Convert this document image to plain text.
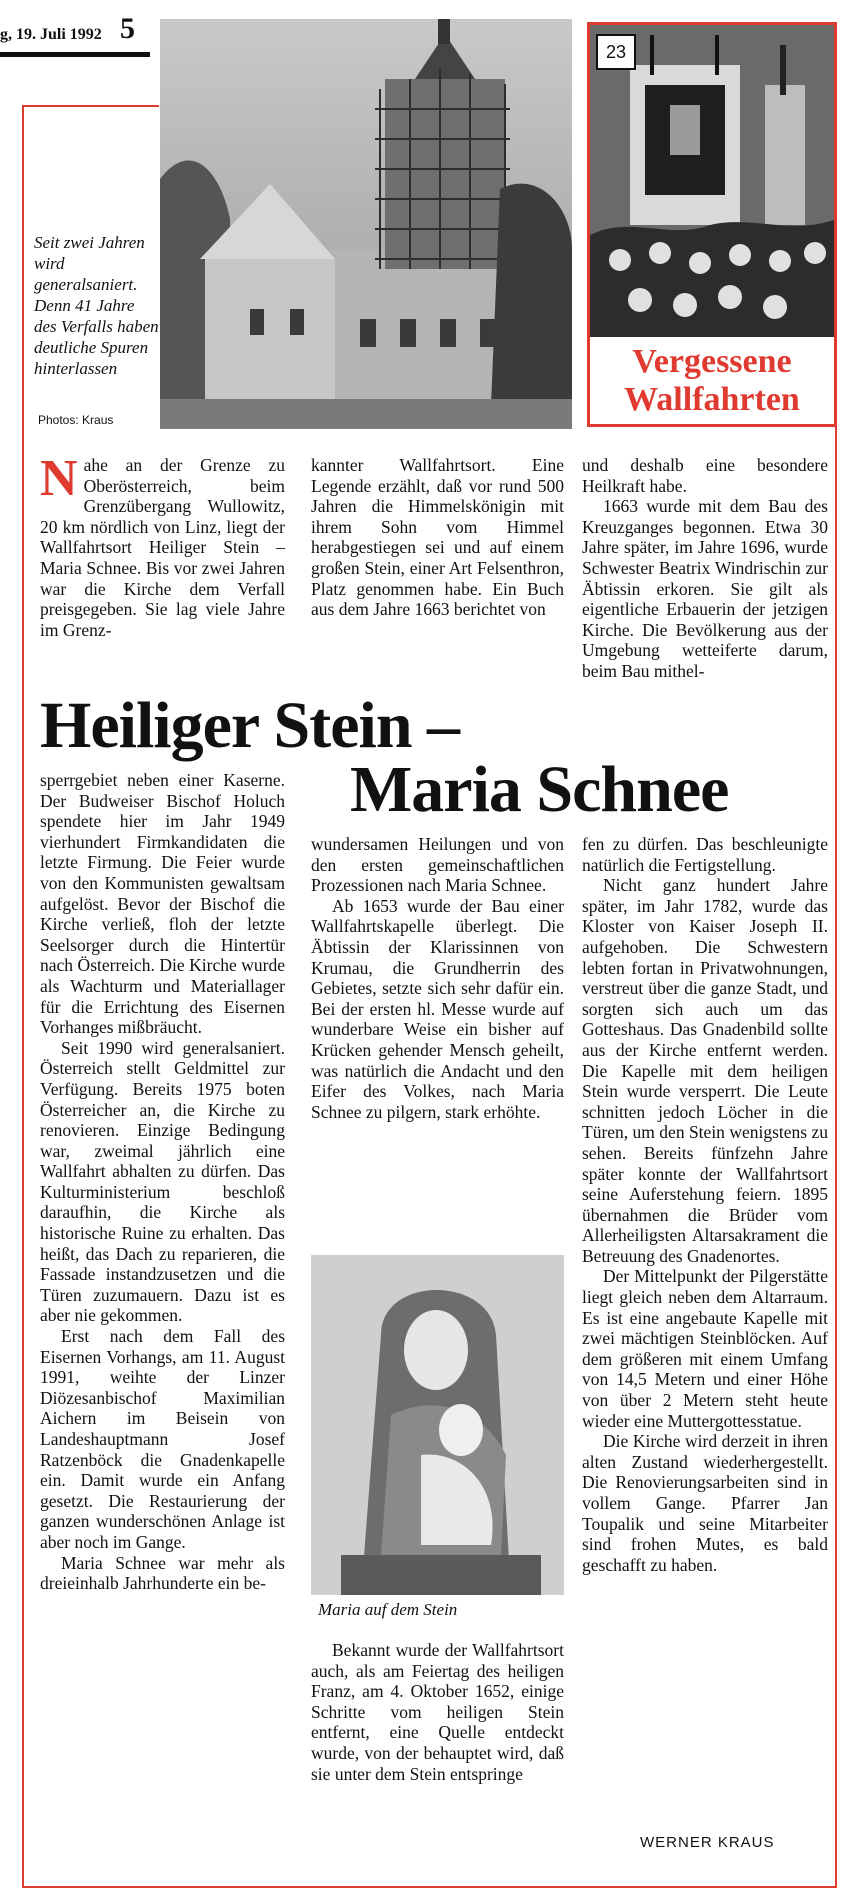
g, 19. Juli 1992 5
Seit zwei Jahren wird generalsaniert. Denn 41 Jahre des Verfalls haben deutliche Spuren hinterlassen
Photos: Kraus
23
Vergessene
Wallfahrten

Nahe an der Grenze zu Oberösterreich, beim Grenzübergang Wullowitz, 20 km nördlich von Linz, liegt der Wallfahrtsort Heiliger Stein – Maria Schnee. Bis vor zwei Jahren war die Kirche dem Verfall preisgegeben. Sie lag viele Jahre im Grenz-

kannter Wallfahrtsort. Eine Legende erzählt, daß vor rund 500 Jahren die Himmelskönigin mit ihrem Sohn vom Himmel herabgestiegen sei und auf einem großen Stein, einer Art Felsenthron, Platz genommen habe. Ein Buch aus dem Jahre 1663 berichtet von

und deshalb eine besondere Heilkraft habe.

1663 wurde mit dem Bau des Kreuzganges begonnen. Etwa 30 Jahre später, im Jahre 1696, wurde Schwester Beatrix Windrischin zur Äbtissin erkoren. Sie gilt als eigentliche Erbauerin der jetzigen Kirche. Die Bevölkerung aus der Umgebung wetteiferte darum, beim Bau mithel-

Heiliger Stein –
Maria Schnee

sperrgebiet neben einer Kaserne. Der Budweiser Bischof Holuch spendete hier im Jahr 1949 vierhundert Firmkandidaten die letzte Firmung. Die Feier wurde von den Kommunisten gewaltsam aufgelöst. Bevor der Bischof die Kirche verließ, floh der letzte Seelsorger durch die Hintertür nach Österreich. Die Kirche wurde als Wachturm und Materiallager für die Errichtung des Eisernen Vorhanges mißbräucht.

Seit 1990 wird generalsaniert. Österreich stellt Geldmittel zur Verfügung. Bereits 1975 boten Österreicher an, die Kirche zu renovieren. Einzige Bedingung war, zweimal jährlich eine Wallfahrt abhalten zu dürfen. Das Kulturministerium beschloß daraufhin, die Kirche als historische Ruine zu erhalten. Das heißt, das Dach zu reparieren, die Fassade instandzusetzen und die Türen zuzumauern. Dazu ist es aber nie gekommen.

Erst nach dem Fall des Eisernen Vorhangs, am 11. August 1991, weihte der Linzer Diözesanbischof Maximilian Aichern im Beisein von Landeshauptmann Josef Ratzenböck die Gnadenkapelle ein. Damit wurde ein Anfang gesetzt. Die Restaurierung der ganzen wunderschönen Anlage ist aber noch im Gange.

Maria Schnee war mehr als dreieinhalb Jahrhunderte ein be-

wundersamen Heilungen und von den ersten gemeinschaftlichen Prozessionen nach Maria Schnee.

Ab 1653 wurde der Bau einer Wallfahrtskapelle überlegt. Die Äbtissin der Klarissinnen von Krumau, die Grundherrin des Gebietes, setzte sich sehr dafür ein. Bei der ersten hl. Messe wurde auf wunderbare Weise ein bisher auf Krücken gehender Mensch geheilt, was natürlich die Andacht und den Eifer des Volkes, nach Maria Schnee zu pilgern, stark erhöhte.

Maria auf dem Stein

Bekannt wurde der Wallfahrtsort auch, als am Feiertag des heiligen Franz, am 4. Oktober 1652, einige Schritte vom heiligen Stein entfernt, eine Quelle entdeckt wurde, von der behauptet wird, daß sie unter dem Stein entspringe

fen zu dürfen. Das beschleunigte natürlich die Fertigstellung.

Nicht ganz hundert Jahre später, im Jahr 1782, wurde das Kloster von Kaiser Joseph II. aufgehoben. Die Schwestern lebten fortan in Privatwohnungen, verstreut über die ganze Stadt, und sorgten sich auch um das Gotteshaus. Das Gnadenbild sollte aus der Kirche entfernt werden. Die Kapelle mit dem heiligen Stein wurde versperrt. Die Leute schnitten jedoch Löcher in die Türen, um den Stein wenigstens zu sehen. Bereits fünfzehn Jahre später konnte der Wallfahrtsort seine Auferstehung feiern. 1895 übernahmen die Brüder vom Allerheiligsten Altarsakrament die Betreuung des Gnadenortes.

Der Mittelpunkt der Pilgerstätte liegt gleich neben dem Altarraum. Es ist eine angebaute Kapelle mit zwei mächtigen Steinblöcken. Auf dem größeren mit einem Umfang von 14,5 Metern und einer Höhe von über 2 Metern steht heute wieder eine Muttergottesstatue.

Die Kirche wird derzeit in ihren alten Zustand wiederhergestellt. Die Renovierungsarbeiten sind in vollem Gange. Pfarrer Jan Toupalik und seine Mitarbeiter sind frohen Mutes, es bald geschafft zu haben.

WERNER KRAUS
